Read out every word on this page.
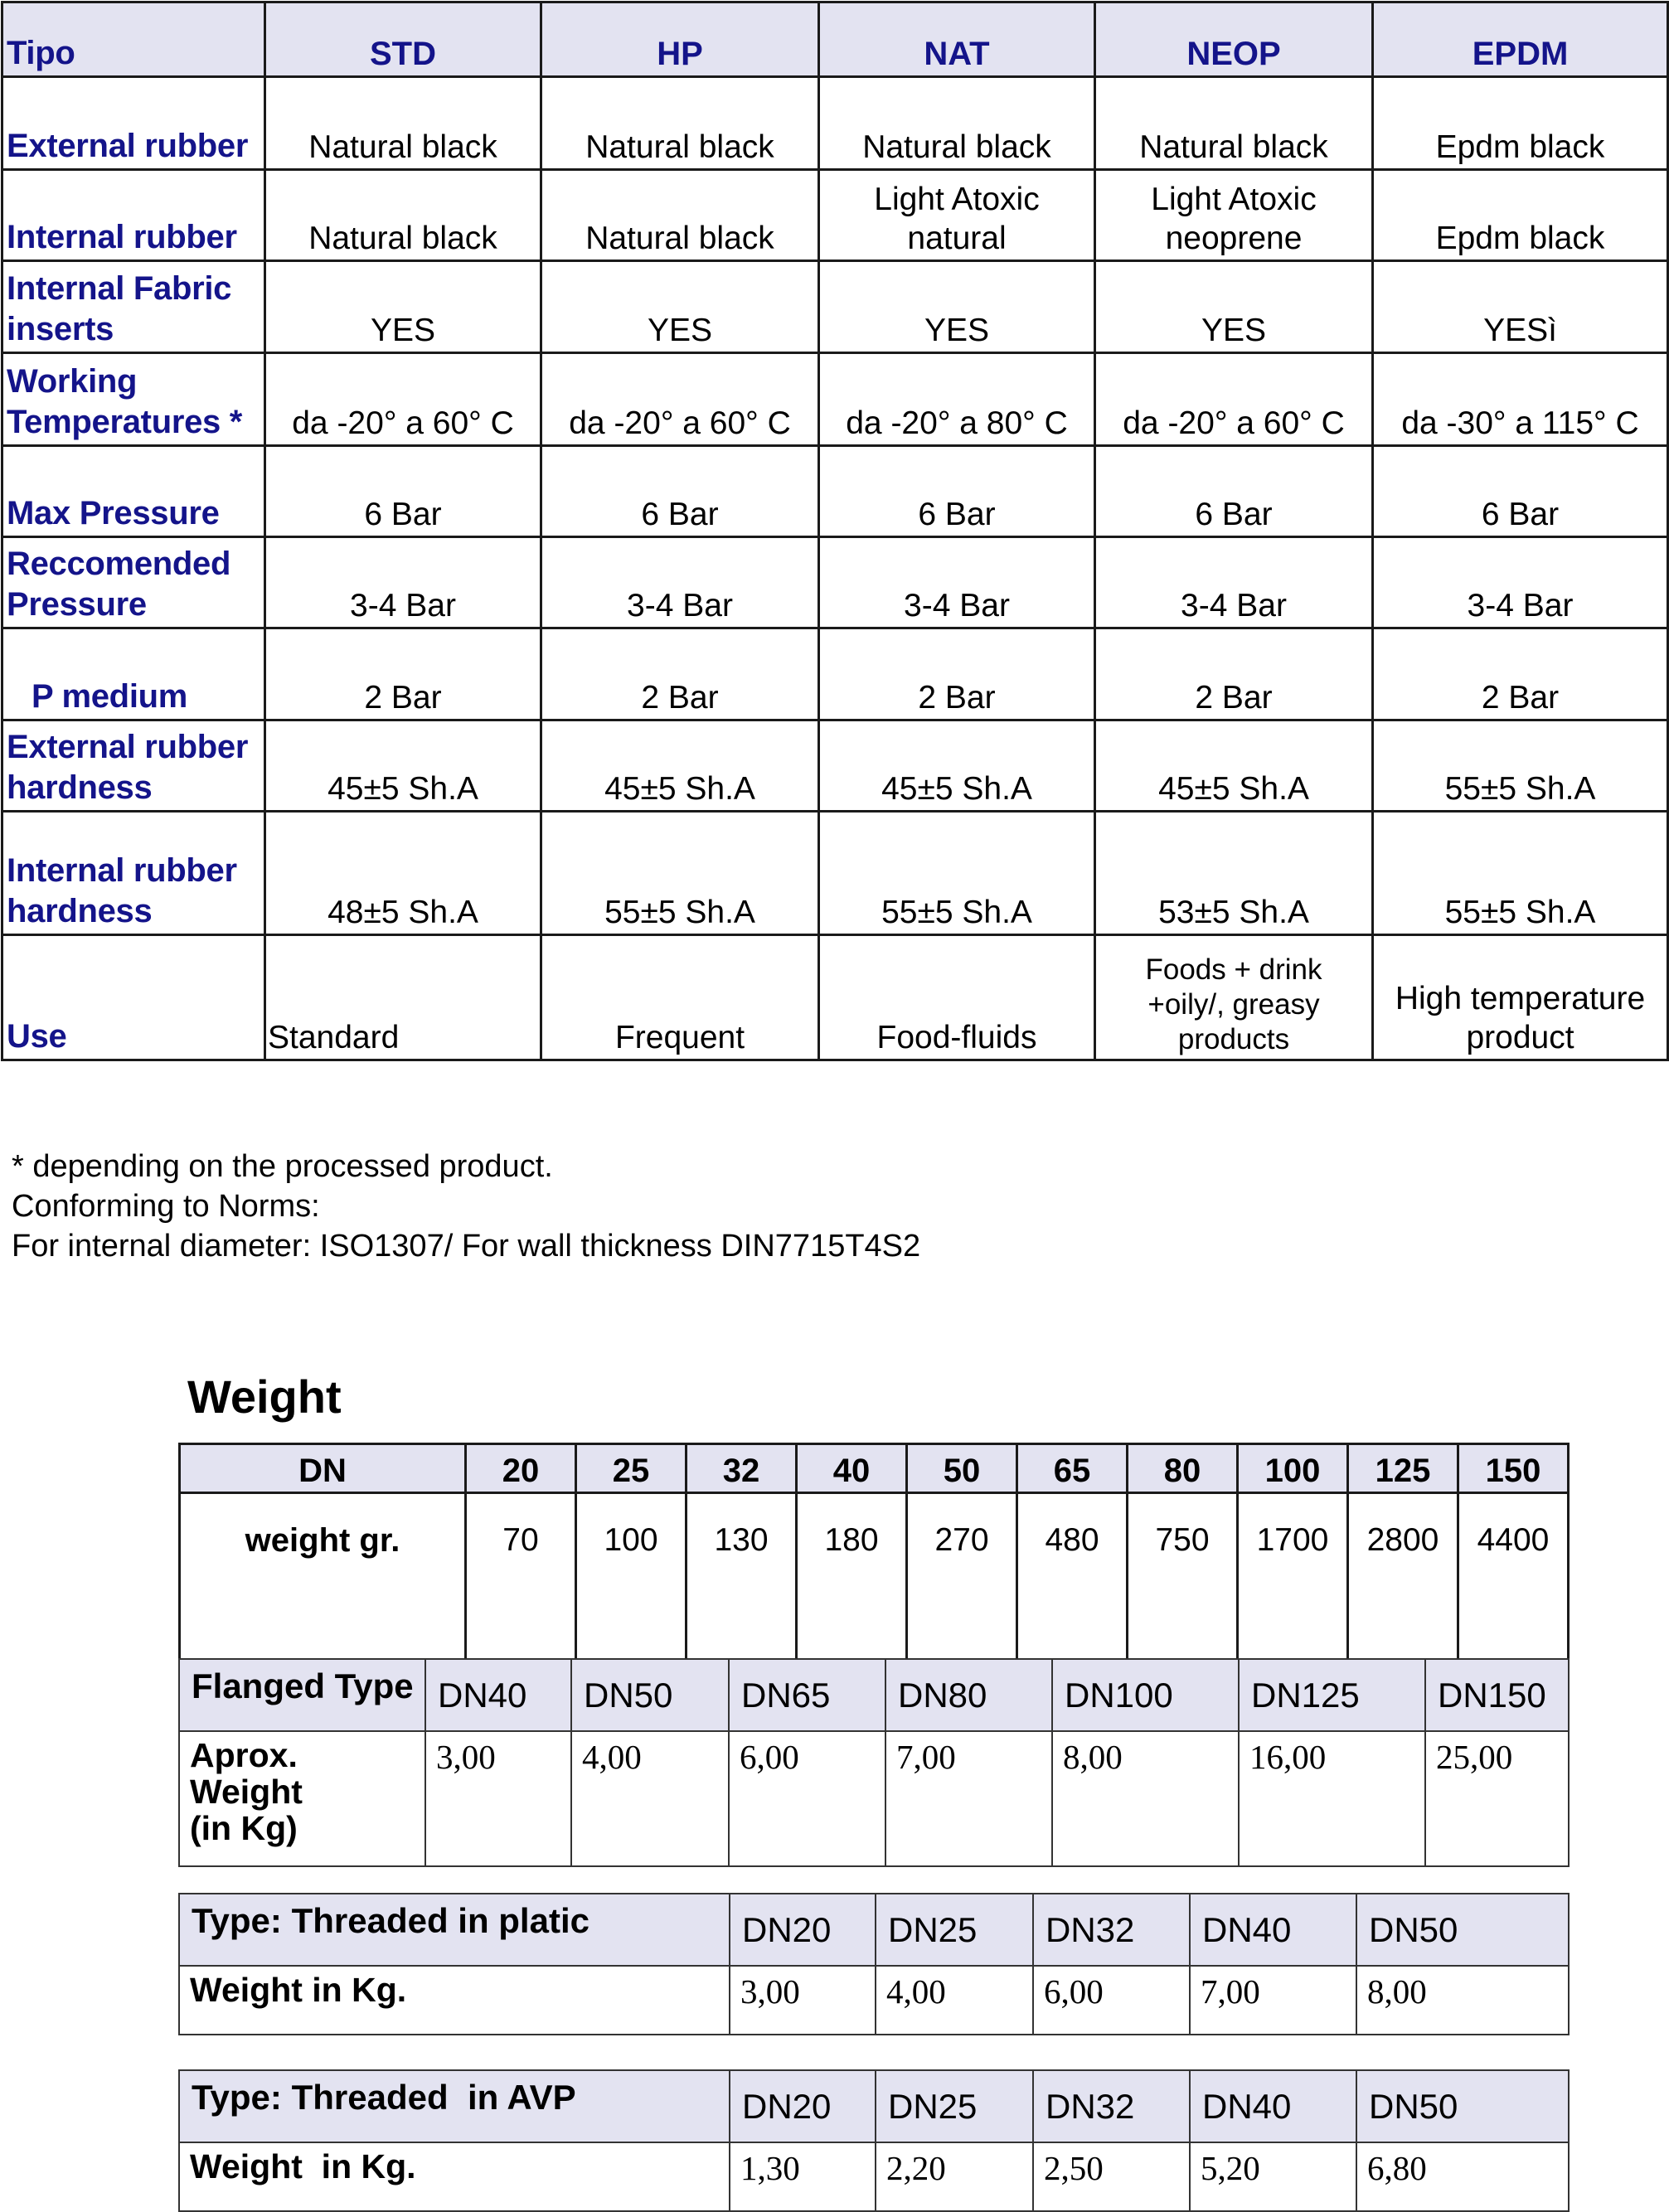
Tipo	STD	HP	NAT	NEOP	EPDM
External rubber	Natural black	Natural black	Natural black	Natural black	Epdm black
Internal rubber	Natural black	Natural black	Light Atoxic natural	Light Atoxic neoprene	Epdm black
Internal Fabric inserts	YES	YES	YES	YES	YESì
Working Temperatures *	da -20° a 60° C	da -20° a 60° C	da -20° a 80° C	da -20° a 60° C	da -30° a 115° C
Max Pressure	6 Bar	6 Bar	6 Bar	6 Bar	6 Bar
Reccomended Pressure	3-4 Bar	3-4 Bar	3-4 Bar	3-4 Bar	3-4 Bar
P medium	2 Bar	2 Bar	2 Bar	2 Bar	2 Bar
External rubber hardness	45±5 Sh.A	45±5 Sh.A	45±5 Sh.A	45±5 Sh.A	55±5 Sh.A
Internal rubber hardness	48±5 Sh.A	55±5 Sh.A	55±5 Sh.A	53±5 Sh.A	55±5 Sh.A
Use	Standard	Frequent	Food-fluids	Foods + drink +oily/, greasy products	High temperature product
* depending on the processed product.
Conforming to Norms:
For internal diameter: ISO1307/ For wall thickness DIN7715T4S2
Weight
DN	20	25	32	40	50	65	80	100	125	150
weight gr.	70	100	130	180	270	480	750	1700	2800	4400
Flanged Type	DN40	DN50	DN65	DN80	DN100	DN125	DN150

Aprox.
Weight
(in Kg)	3,00	4,00	6,00	7,00	8,00	16,00	25,00
Type: Threaded in platic	DN20	DN25	DN32	DN40	DN50
Weight in Kg.	3,00	4,00	6,00	7,00	8,00
Type: Threaded  in AVP	DN20	DN25	DN32	DN40	DN50
Weight  in Kg.	1,30	2,20	2,50	5,20	6,80
